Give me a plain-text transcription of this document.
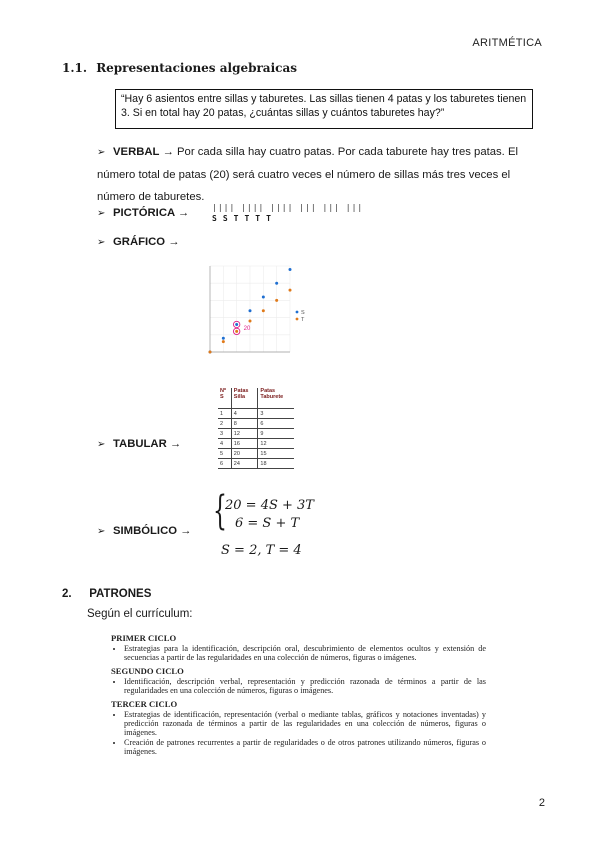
ARITMÉTICA
1.1. Representaciones algebraicas
“Hay 6 asientos entre sillas y taburetes. Las sillas tienen 4 patas y los taburetes tienen 3. Si en total hay 20 patas, ¿cuántas sillas y cuántos taburetes hay?”
➢ VERBAL → Por cada silla hay cuatro patas. Por cada taburete hay tres patas. El número total de patas (20) será cuatro veces el número de sillas más tres veces el número de taburetes.
➢ PICTÓRICA →	|||| |||| |||| ||| ||| |||
SSTTTT
➢ GRÁFICO →
20
S
T
➢ TABULAR →
Nº S	Patas Silla	Patas Taburete
1	4	3
2	8	6
3	12	9
4	16	12
5	20	15
6	24	18
➢ SIMBÓLICO → {
20 = 4S + 3T
6 = S + T
S = 2, T = 4
2. PATRONES
Según el currículum:
PRIMER CICLO
• Estrategias para la identificación, descripción oral, descubrimiento de elementos ocultos y extensión de secuencias a partir de las regularidades en una colección de números, figuras o imágenes.
SEGUNDO CICLO
• Identificación, descripción verbal, representación y predicción razonada de términos a partir de las regularidades en una colección de números, figuras o imágenes.
TERCER CICLO
• Estrategias de identificación, representación (verbal o mediante tablas, gráficos y notaciones inventadas) y predicción razonada de términos a partir de las regularidades en una colección de números, figuras o imágenes.
• Creación de patrones recurrentes a partir de regularidades o de otros patrones utilizando números, figuras o imágenes.
2
